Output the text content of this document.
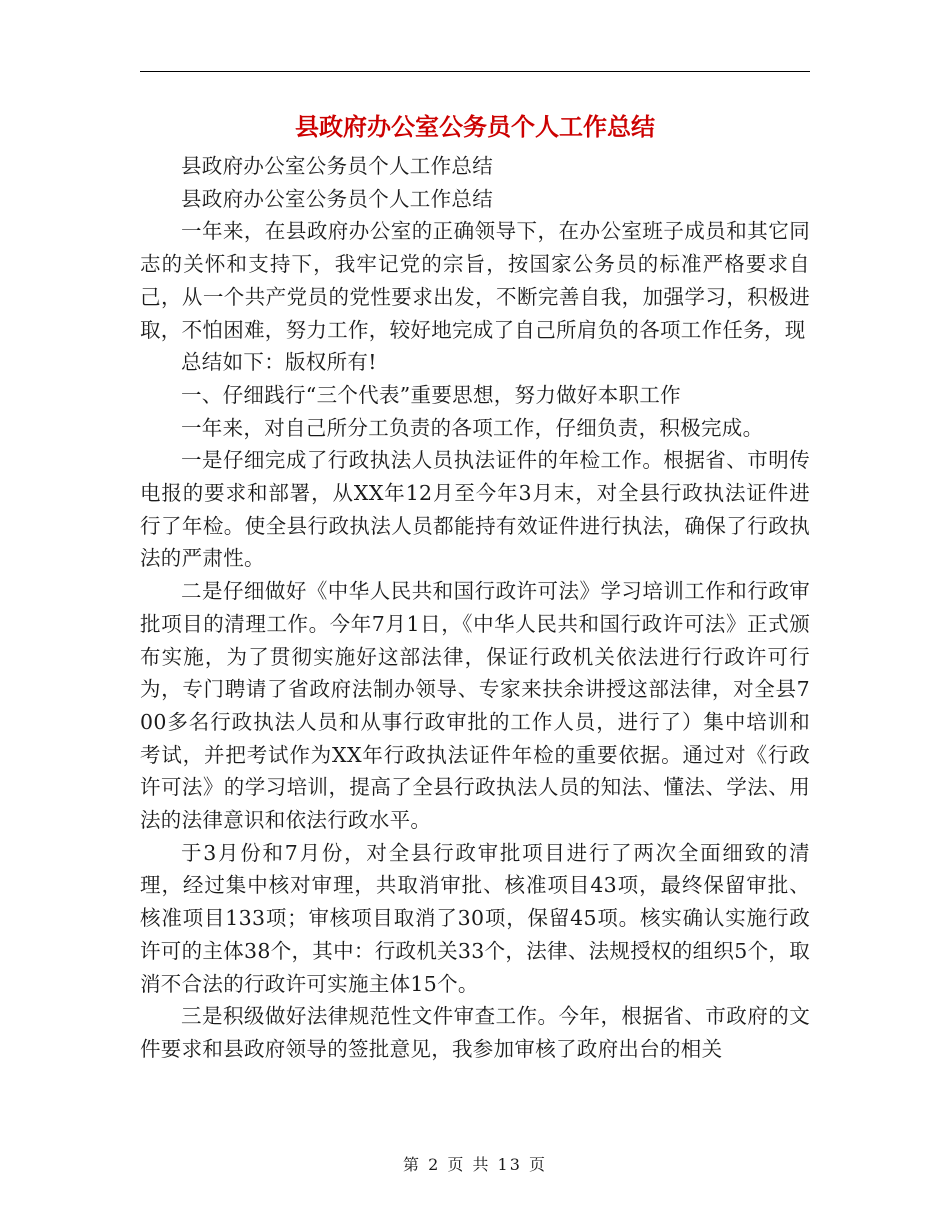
县政府办公室公务员个人工作总结

县政府办公室公务员个人工作总结

县政府办公室公务员个人工作总结

一年来，在县政府办公室的正确领导下，在办公室班子成员和其它同志的关怀和支持下，我牢记党的宗旨，按国家公务员的标准严格要求自己，从一个共产党员的党性要求出发，不断完善自我，加强学习，积极进取，不怕困难，努力工作，较好地完成了自己所肩负的各项工作任务，现

总结如下：版权所有!

一、仔细践行“三个代表”重要思想，努力做好本职工作

一年来，对自己所分工负责的各项工作，仔细负责，积极完成。

一是仔细完成了行政执法人员执法证件的年检工作。根据省、市明传电报的要求和部署，从XX年12月至今年3月末，对全县行政执法证件进行了年检。使全县行政执法人员都能持有效证件进行执法，确保了行政执法的严肃性。

二是仔细做好《中华人民共和国行政许可法》学习培训工作和行政审批项目的清理工作。今年7月1日，《中华人民共和国行政许可法》正式颁布实施，为了贯彻实施好这部法律，保证行政机关依法进行行政许可行为，专门聘请了省政府法制办领导、专家来扶余讲授这部法律，对全县700多名行政执法人员和从事行政审批的工作人员，进行了）集中培训和考试，并把考试作为XX年行政执法证件年检的重要依据。通过对《行政许可法》的学习培训，提高了全县行政执法人员的知法、懂法、学法、用法的法律意识和依法行政水平。

于3月份和7月份，对全县行政审批项目进行了两次全面细致的清理，经过集中核对审理，共取消审批、核准项目43项，最终保留审批、核准项目133项；审核项目取消了30项，保留45项。核实确认实施行政许可的主体38个，其中：行政机关33个，法律、法规授权的组织5个，取消不合法的行政许可实施主体15个。

三是积级做好法律规范性文件审查工作。今年，根据省、市政府的文件要求和县政府领导的签批意见，我参加审核了政府出台的相关

第 2 页 共 13 页
